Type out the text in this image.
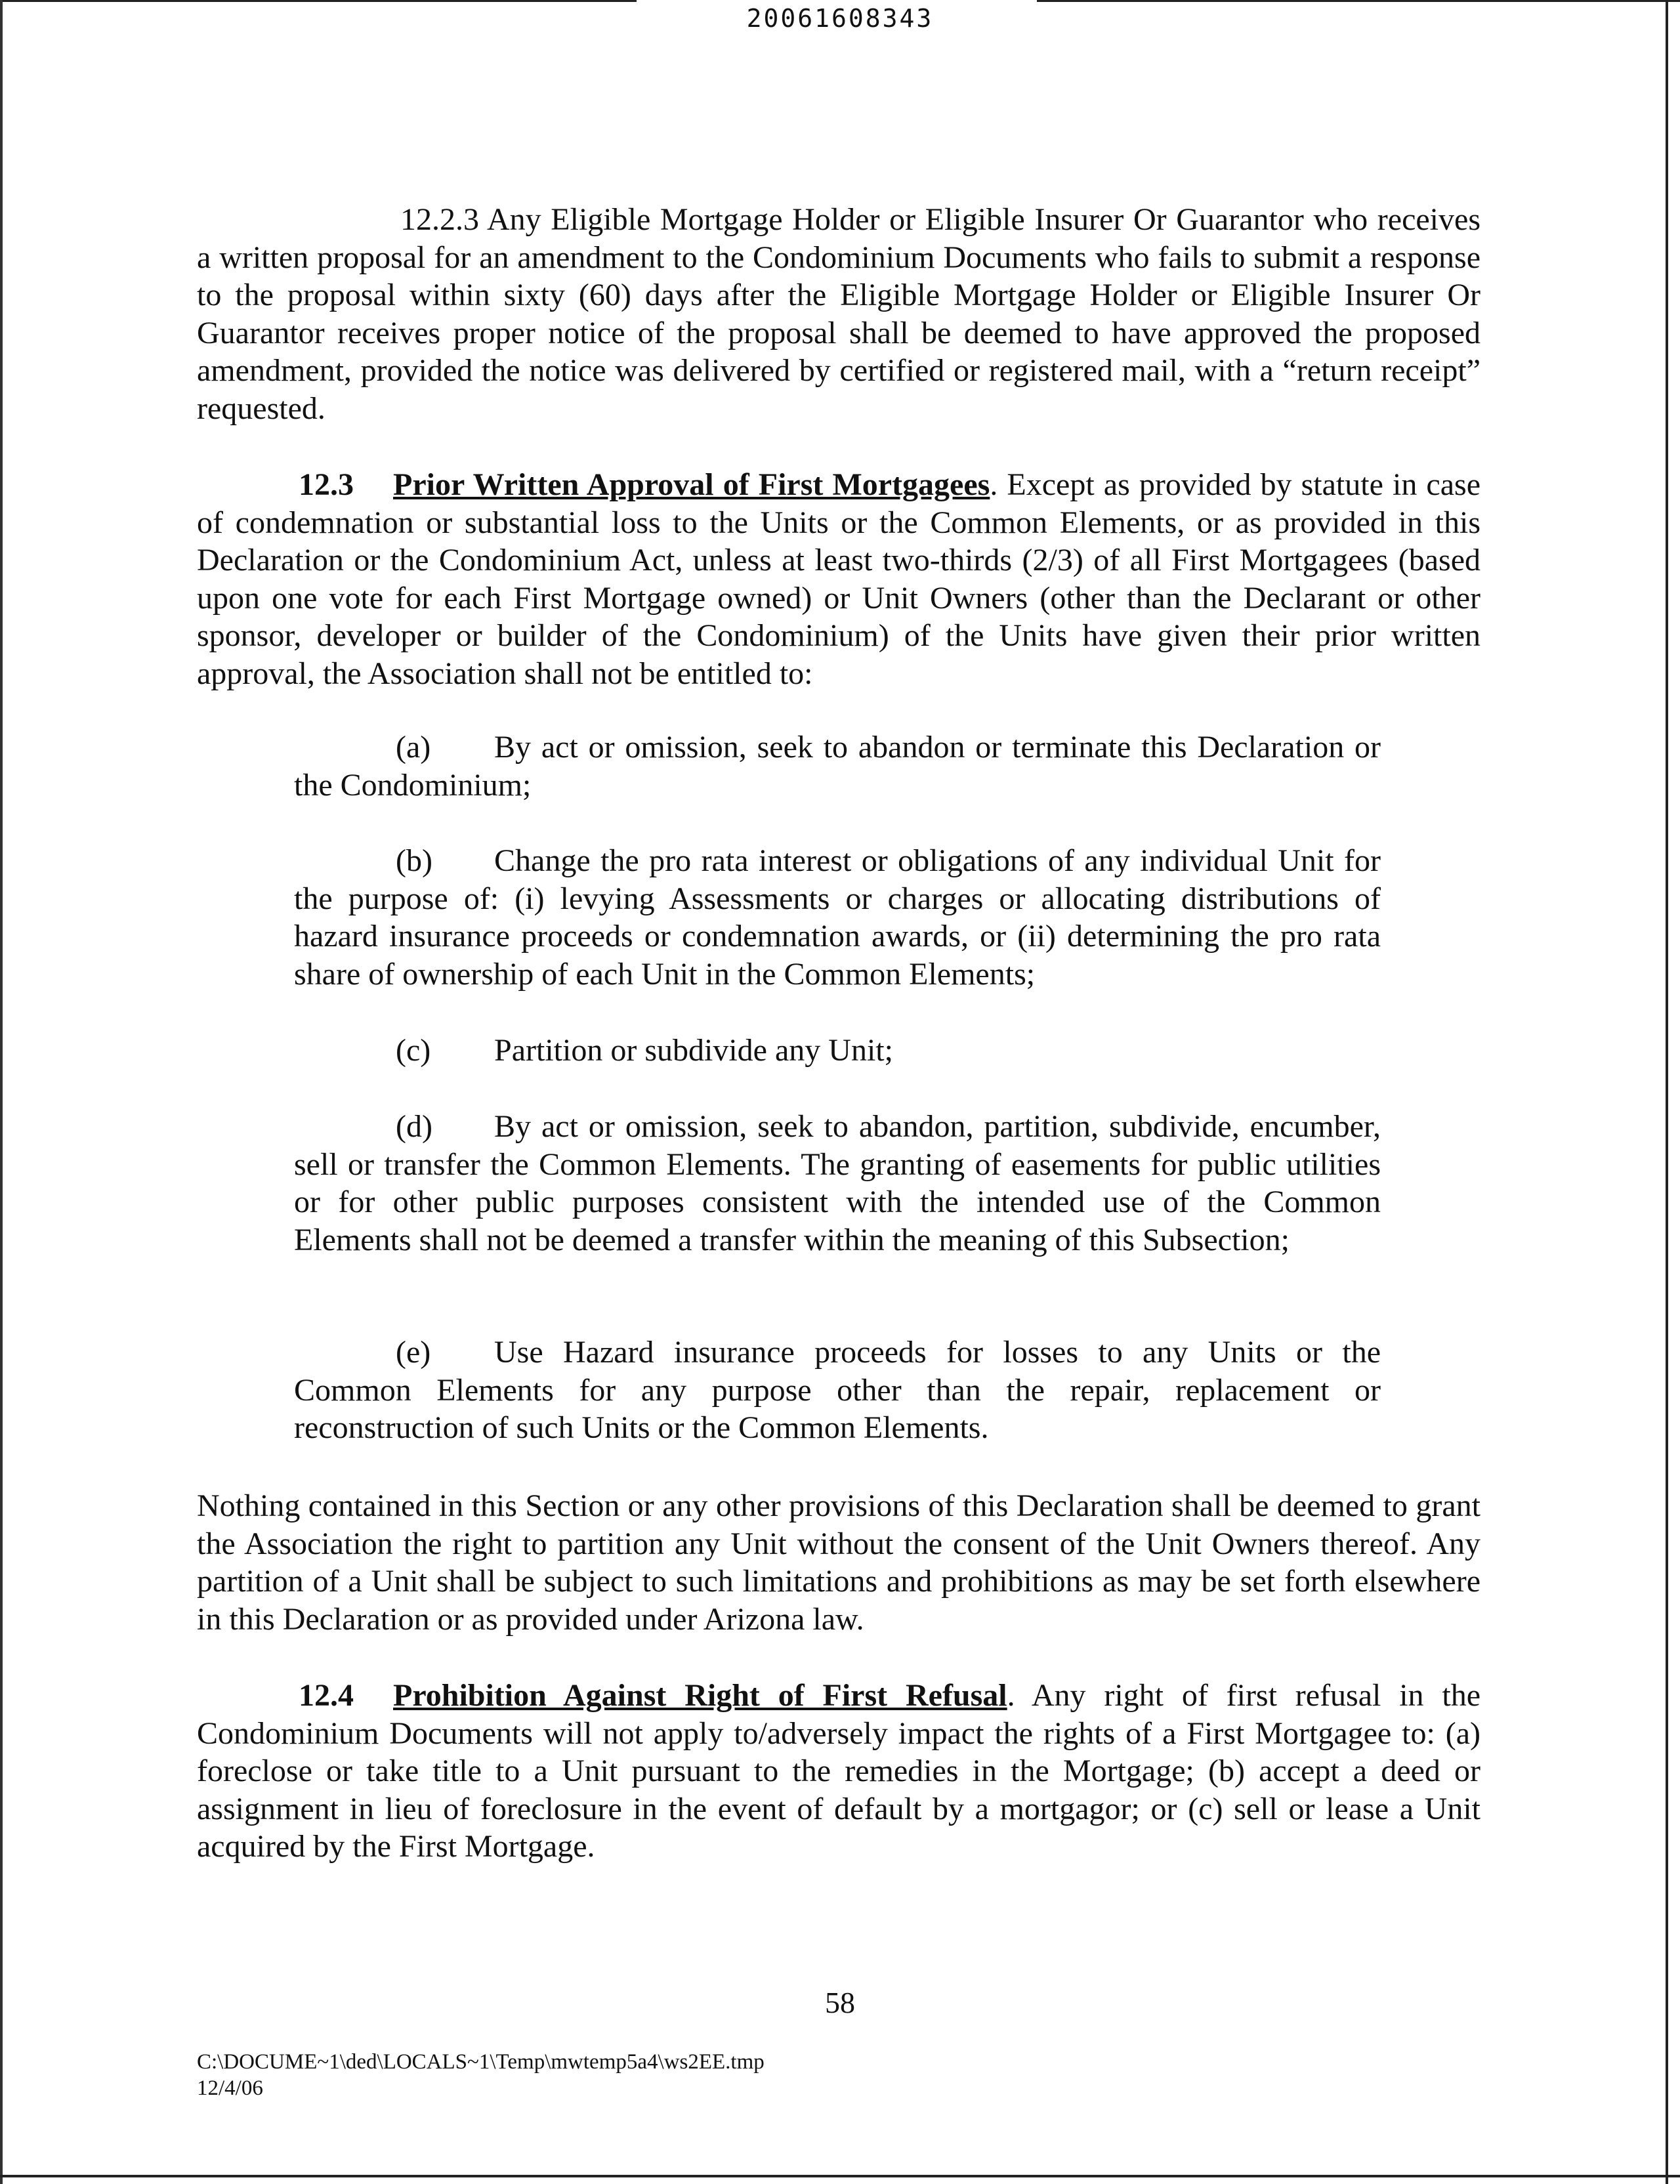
20061608343

12.2.3 Any Eligible Mortgage Holder or Eligible Insurer Or Guarantor who receives a written proposal for an amendment to the Condominium Documents who fails to submit a response to the proposal within sixty (60) days after the Eligible Mortgage Holder or Eligible Insurer Or Guarantor receives proper notice of the proposal shall be deemed to have approved the proposed amendment, provided the notice was delivered by certified or registered mail, with a “return receipt” requested.

12.3 Prior Written Approval of First Mortgagees. Except as provided by statute in case of condemnation or substantial loss to the Units or the Common Elements, or as provided in this Declaration or the Condominium Act, unless at least two-thirds (2/3) of all First Mortgagees (based upon one vote for each First Mortgage owned) or Unit Owners (other than the Declarant or other sponsor, developer or builder of the Condominium) of the Units have given their prior written approval, the Association shall not be entitled to:

(a) By act or omission, seek to abandon or terminate this Declaration or the Condominium;

(b) Change the pro rata interest or obligations of any individual Unit for the purpose of: (i) levying Assessments or charges or allocating distributions of hazard insurance proceeds or condemnation awards, or (ii) determining the pro rata share of ownership of each Unit in the Common Elements;

(c) Partition or subdivide any Unit;

(d) By act or omission, seek to abandon, partition, subdivide, encumber, sell or transfer the Common Elements. The granting of easements for public utilities or for other public purposes consistent with the intended use of the Common Elements shall not be deemed a transfer within the meaning of this Subsection;

(e) Use Hazard insurance proceeds for losses to any Units or the Common Elements for any purpose other than the repair, replacement or reconstruction of such Units or the Common Elements.

Nothing contained in this Section or any other provisions of this Declaration shall be deemed to grant the Association the right to partition any Unit without the consent of the Unit Owners thereof. Any partition of a Unit shall be subject to such limitations and prohibitions as may be set forth elsewhere in this Declaration or as provided under Arizona law.

12.4 Prohibition Against Right of First Refusal. Any right of first refusal in the Condominium Documents will not apply to/adversely impact the rights of a First Mortgagee to: (a) foreclose or take title to a Unit pursuant to the remedies in the Mortgage; (b) accept a deed or assignment in lieu of foreclosure in the event of default by a mortgagor; or (c) sell or lease a Unit acquired by the First Mortgage.

58
C:\DOCUME~1\ded\LOCALS~1\Temp\mwtemp5a4\ws2EE.tmp
12/4/06
